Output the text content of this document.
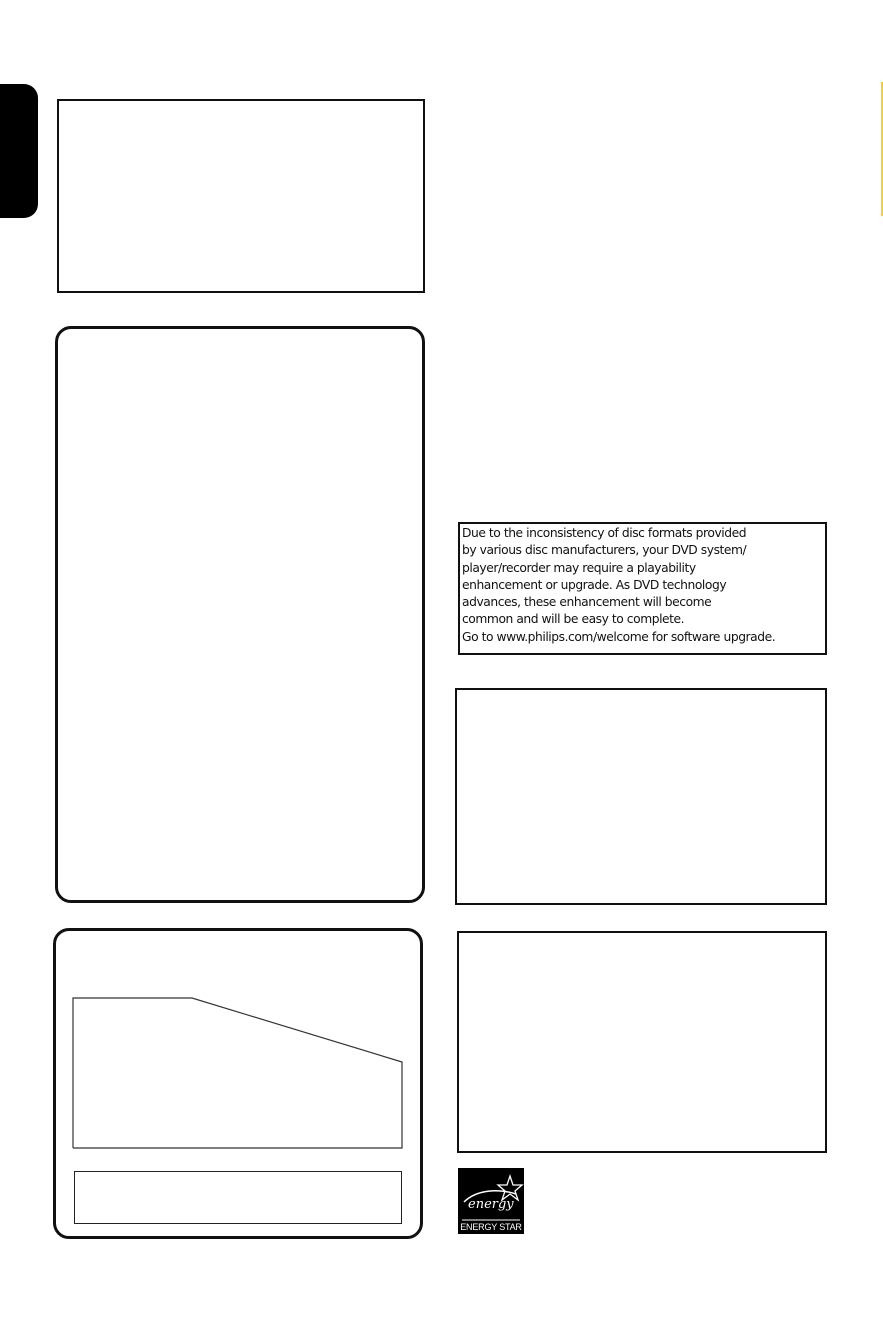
Due to the inconsistency of disc formats provided

by various disc manufacturers, your DVD system/

player/recorder may require a playability

enhancement or upgrade. As DVD technology

advances, these enhancement will become

common and will be easy to complete.

Go to www.philips.com/welcome for software upgrade.

energy
ENERGY STAR
